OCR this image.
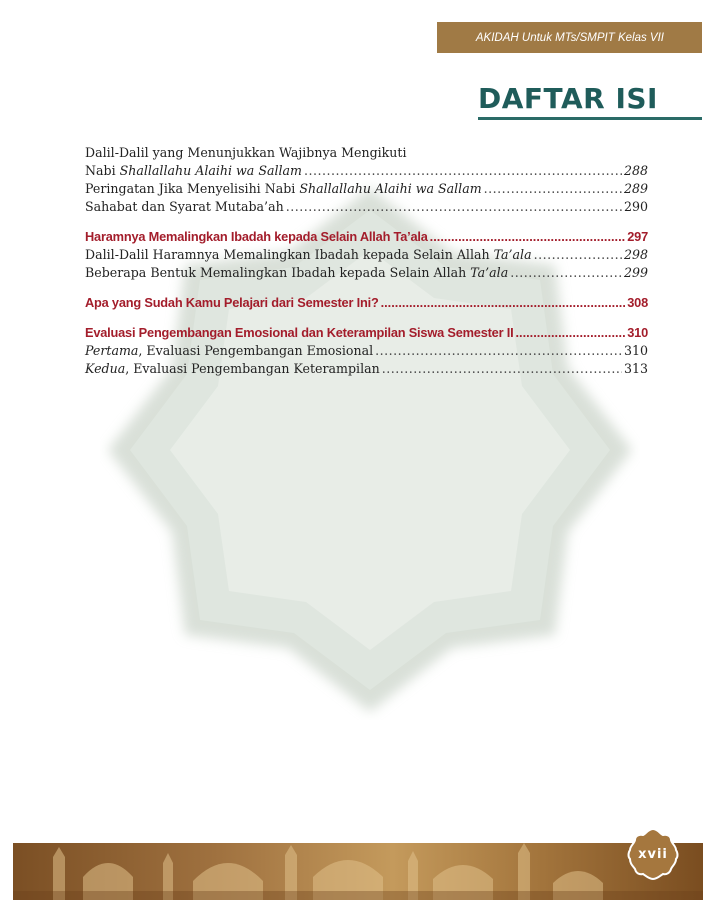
AKIDAH Untuk MTs/SMPIT Kelas VII
DAFTAR ISI
Dalil-Dalil yang Menunjukkan Wajibnya Mengikuti
Nabi Shallallahu Alaihi wa Sallam .....	288
Peringatan Jika Menyelisihi Nabi Shallallahu Alaihi wa Sallam .....	289
Sahabat dan Syarat Mutaba’ah .....	290
Haramnya Memalingkan Ibadah kepada Selain Allah Ta’ala .....	297
Dalil-Dalil Haramnya Memalingkan Ibadah kepada Selain Allah Ta’ala .....	298
Beberapa Bentuk Memalingkan Ibadah kepada Selain Allah Ta’ala .....	299
Apa yang Sudah Kamu Pelajari dari Semester Ini? .....	308
Evaluasi Pengembangan Emosional dan Keterampilan Siswa Semester II .....	310
Pertama, Evaluasi Pengembangan Emosional .....	310
Kedua, Evaluasi Pengembangan Keterampilan .....	313
xvii
